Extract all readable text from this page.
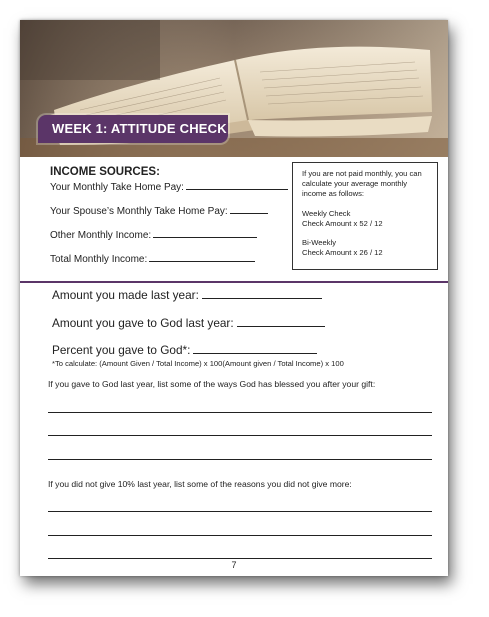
WEEK 1: ATTITUDE CHECK
INCOME SOURCES:
Your Monthly Take Home Pay:
Your Spouse’s Monthly Take Home Pay:
Other Monthly Income:
Total Monthly Income:

If you are not paid monthly, you can calculate your average monthly income as follows:

Weekly Check

Check Amount x 52 / 12

Bi-Weekly

Check Amount x 26 / 12

Amount you made last year:
Amount you gave to God last year:
Percent you gave to God*:
*To calculate: (Amount Given / Total Income) x 100(Amount given / Total Income) x 100
If you gave to God last year, list some of the ways God has blessed you after your gift:
If you did not give 10% last year, list some of the reasons you did not give more:
7
